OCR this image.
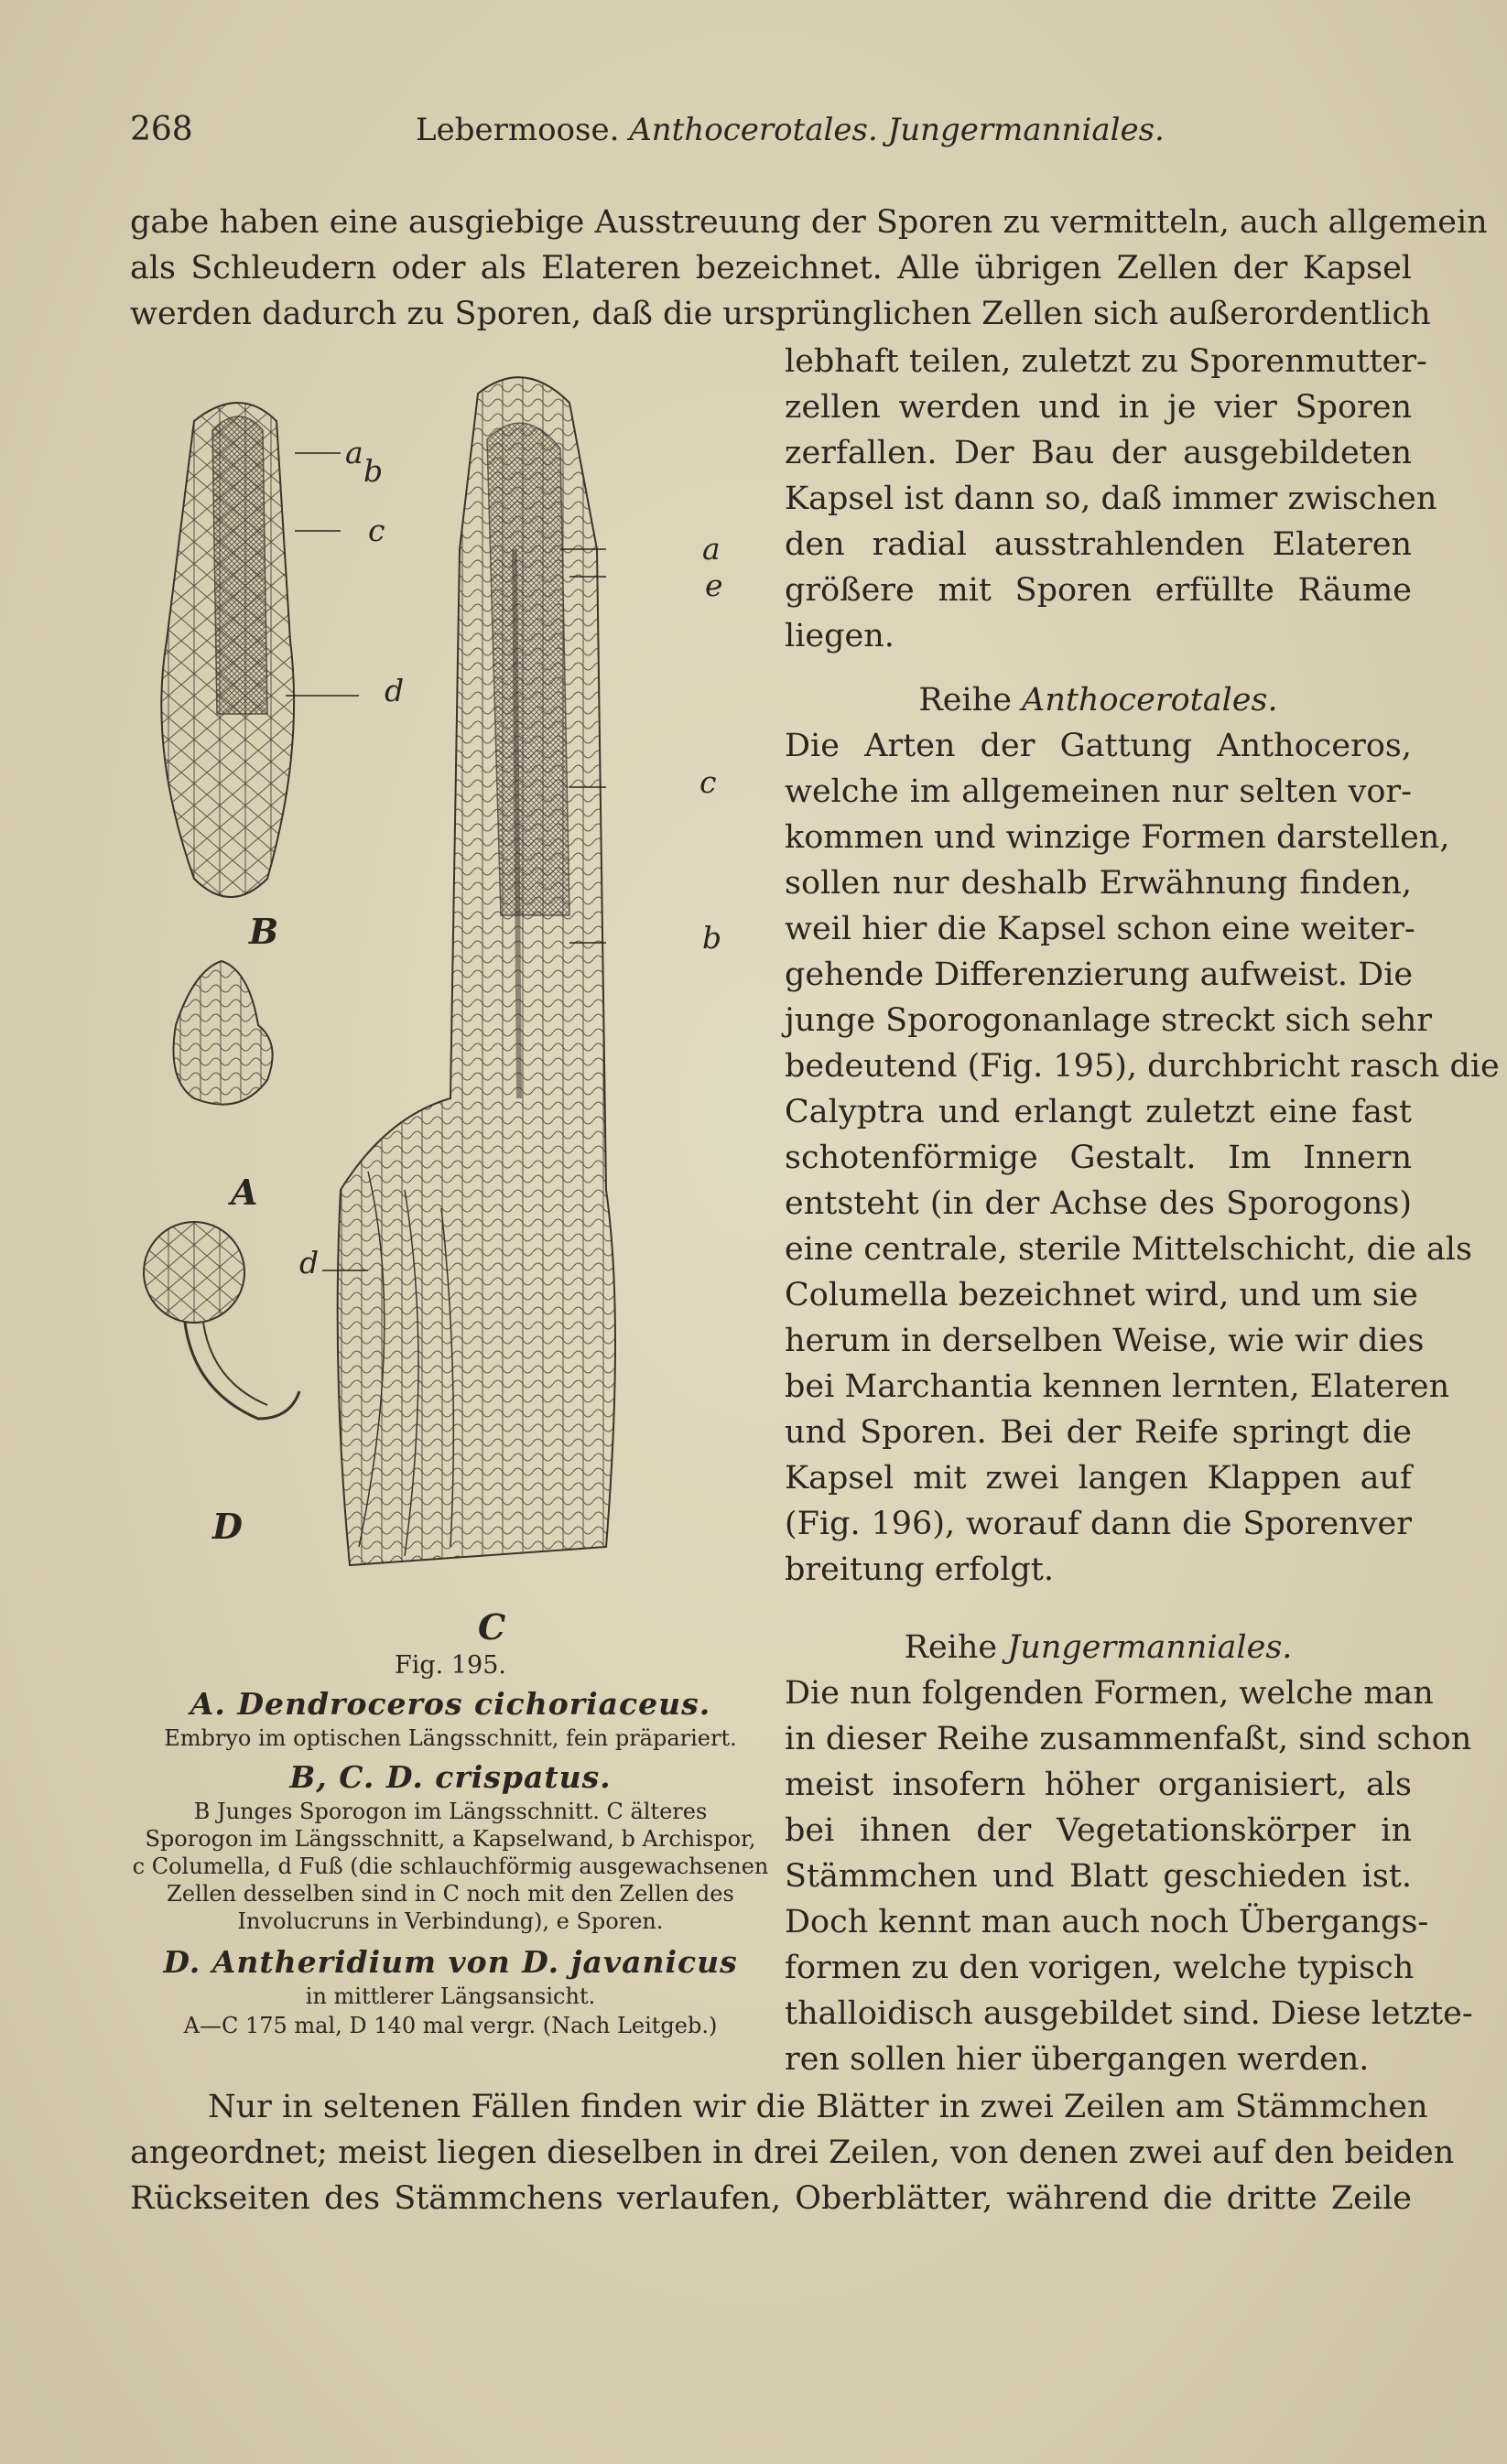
268	Lebermoose. Anthocerotales. Jungermanniales.
gabe haben eine ausgiebige Ausstreuung der Sporen zu vermitteln, auch allgemein
als Schleudern oder als Elateren bezeichnet. Alle übrigen Zellen der Kapsel
werden dadurch zu Sporen, daß die ursprünglichen Zellen sich außerordentlich
lebhaft teilen, zuletzt zu Sporenmutter-
zellen werden und in je vier Sporen
zerfallen. Der Bau der ausgebildeten
Kapsel ist dann so, daß immer zwischen
den radial ausstrahlenden Elateren
größere mit Sporen erfüllte Räume
liegen.
Reihe Anthocerotales.
Die Arten der Gattung Anthoceros,
welche im allgemeinen nur selten vor-
kommen und winzige Formen darstellen,
sollen nur deshalb Erwähnung finden,
weil hier die Kapsel schon eine weiter-
gehende Differenzierung aufweist. Die
junge Sporogonanlage streckt sich sehr
bedeutend (Fig. 195), durchbricht rasch die
Calyptra und erlangt zuletzt eine fast
schotenförmige Gestalt. Im Innern
entsteht (in der Achse des Sporogons)
eine centrale, sterile Mittelschicht, die als
Columella bezeichnet wird, und um sie
herum in derselben Weise, wie wir dies
bei Marchantia kennen lernten, Elateren
und Sporen. Bei der Reife springt die
Kapsel mit zwei langen Klappen auf
(Fig. 196), worauf dann die Sporenver
breitung erfolgt.
Reihe Jungermanniales.
Die nun folgenden Formen, welche man
in dieser Reihe zusammenfaßt, sind schon
meist insofern höher organisiert, als
bei ihnen der Vegetationskörper in
Stämmchen und Blatt geschieden ist.
Doch kennt man auch noch Übergangs-
formen zu den vorigen, welche typisch
thalloidisch ausgebildet sind. Diese letzte-
ren sollen hier übergangen werden.
Nur in seltenen Fällen finden wir die Blätter in zwei Zeilen am Stämmchen
angeordnet; meist liegen dieselben in drei Zeilen, von denen zwei auf den beiden
Rückseiten des Stämmchens verlaufen, Oberblätter, während die dritte Zeile
a
b
c
d
a
e
c
b
d
B
A
D
C
Fig. 195.
A. Dendroceros cichoriaceus.
Embryo im optischen Längsschnitt, fein präpariert.
B, C. D. crispatus.
B Junges Sporogon im Längsschnitt. C älteres
Sporogon im Längsschnitt, a Kapselwand, b Archispor,
c Columella, d Fuß (die schlauchförmig ausgewachsenen
Zellen desselben sind in C noch mit den Zellen des
Involucruns in Verbindung), e Sporen.
D. Antheridium von D. javanicus
in mittlerer Längsansicht.
A—C 175 mal, D 140 mal vergr. (Nach Leitgeb.)
